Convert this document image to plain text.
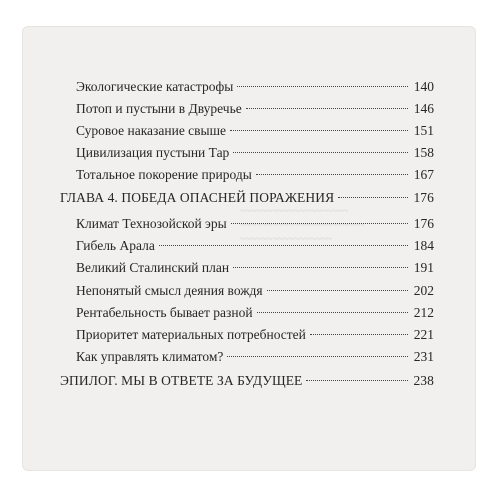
~~~~~~~~~~~~~~~~~~~~
~~~~~~~~~~~~~~~~~~~~~~~
~~~~~~~~~~~~~~~~~
Экологические катастрофы	140
Потоп и пустыни в Двуречье	146
Суровое наказание свыше	151
Цивилизация пустыни Тар	158
Тотальное покорение природы	167
ГЛАВА 4. ПОБЕДА ОПАСНЕЙ ПОРАЖЕНИЯ	176
Климат Технозойской эры	176
Гибель Арала	184
Великий Сталинский план	191
Непонятый смысл деяния вождя	202
Рентабельность бывает разной	212
Приоритет материальных потребностей	221
Как управлять климатом?	231
ЭПИЛОГ. МЫ В ОТВЕТЕ ЗА БУДУЩЕЕ	238
